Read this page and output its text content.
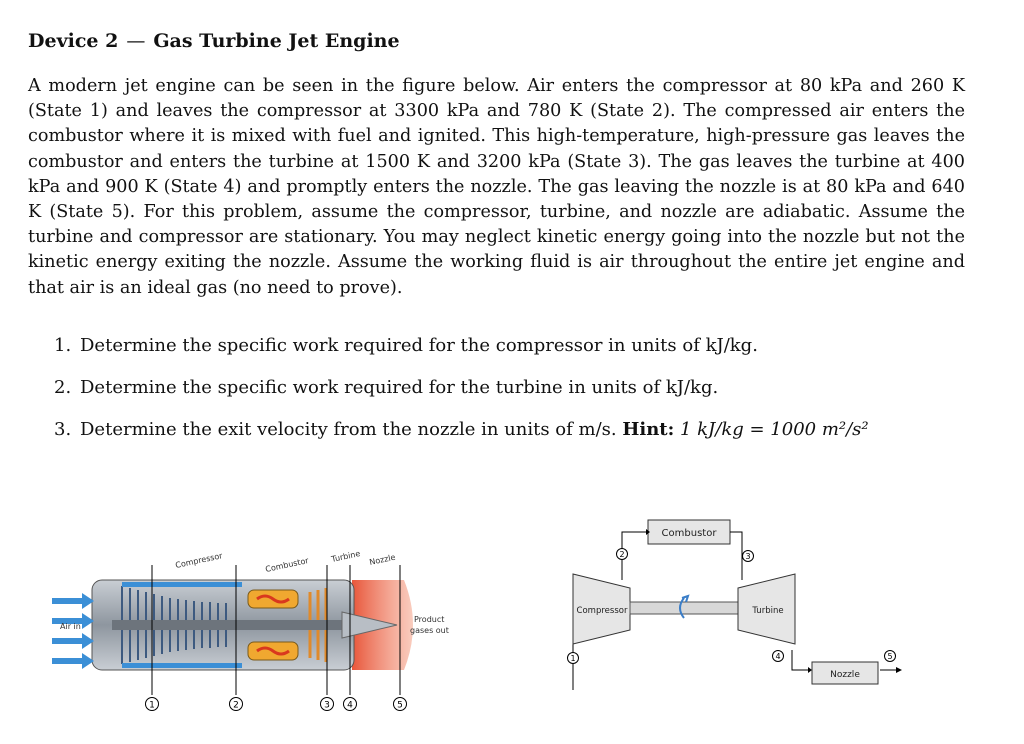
Device 2 — Gas Turbine Jet Engine

A modern jet engine can be seen in the figure below. Air enters the compressor at 80 kPa and 260 K (State 1) and leaves the compressor at 3300 kPa and 780 K (State 2). The compressed air enters the combustor where it is mixed with fuel and ignited. This high-temperature, high-pressure gas leaves the combustor and enters the turbine at 1500 K and 3200 kPa (State 3). The gas leaves the turbine at 400 kPa and 900 K (State 4) and promptly enters the nozzle. The gas leaving the nozzle is at 80 kPa and 640 K (State 5). For this problem, assume the compressor, turbine, and nozzle are adiabatic. Assume the turbine and compressor are stationary. You may neglect kinetic energy going into the nozzle but not the kinetic energy exiting the nozzle. Assume the working fluid is air throughout the entire jet engine and that air is an ideal gas (no need to prove).

1. Determine the specific work required for the compressor in units of kJ/kg.
2. Determine the specific work required for the turbine in units of kJ/kg.
3. Determine the exit velocity from the nozzle in units of m/s. Hint: 1 kJ/kg = 1000 m²/s²
Compressor	Combustor	Turbine Nozzle
Air in
Product
gases out
1	2	3 4	5
Combustor
Compressor	Turbine
Nozzle
2	3
1	4	5
